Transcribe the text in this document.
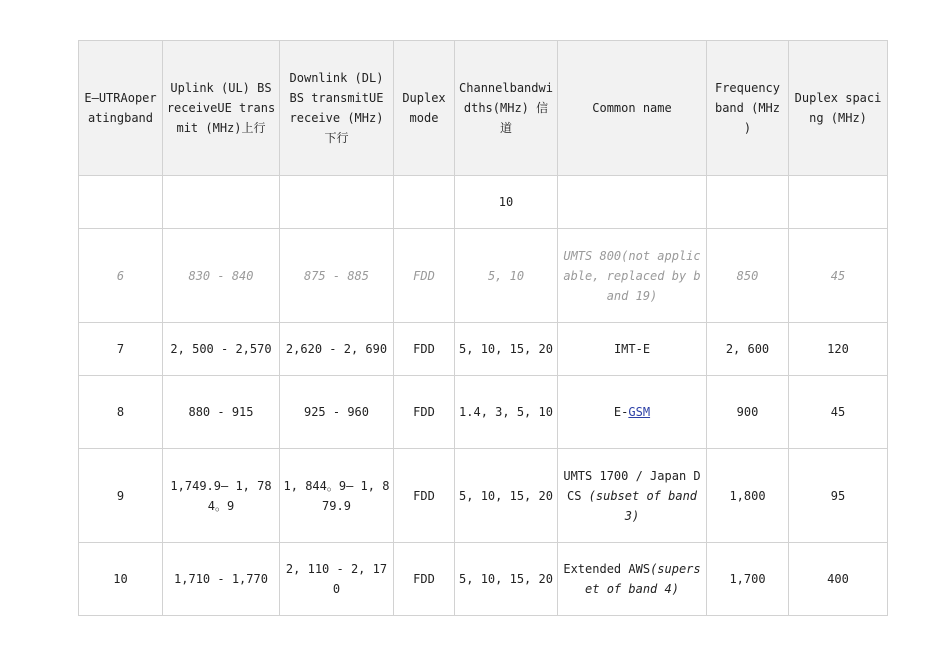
E—UTRAoperatingband	Uplink (UL) BS receiveUE transmit (MHz)上行	Downlink (DL) BS transmitUE receive (MHz) 下行	Duplex mode	Channelbandwidths(MHz) 信道	Common name	Frequency band (MHz )	Duplex spacing (MHz)
				10			
6	830 - 840	875 - 885	FDD	5, 10	UMTS 800(not applicable, replaced by band 19)	850	45
7	2, 500 - 2,570	2,620 - 2, 690	FDD	5, 10, 15, 20	IMT-E	2, 600	120
8	880 - 915	925 - 960	FDD	1.4, 3, 5, 10	E-GSM	900	45
9	1,749.9— 1, 784。9	1, 844。9— 1, 879.9	FDD	5, 10, 15, 20	UMTS 1700 / Japan DCS (subset of band 3)	1,800	95
10	1,710 - 1,770	2, 110 - 2, 170	FDD	5, 10, 15, 20	Extended AWS(superset of band 4)	1,700	400
